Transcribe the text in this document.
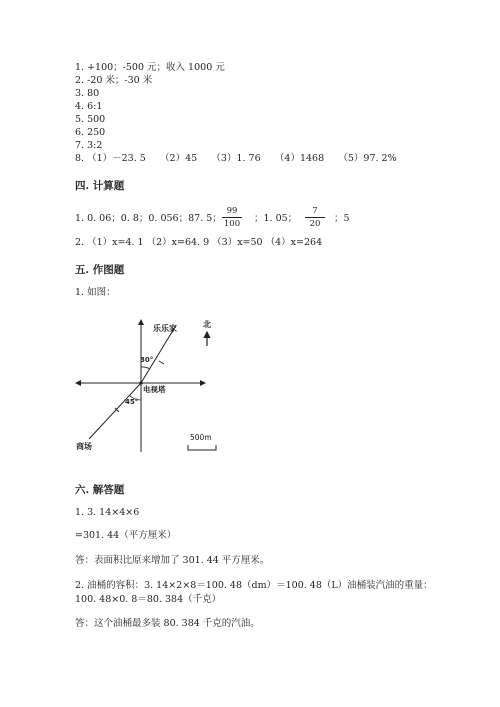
1. +100；-500 元；收入 1000 元
2. -20 米；-30 米
3. 80
4. 6:1
5. 500
6. 250
7. 3:2
8. （1）－23. 5　　（2）45　　（3）1. 76　　（4）1468　　（5）97. 2%
四. 计算题
1. 0. 06；0. 8；0. 056；87. 5；
99
100	；1. 05；
7
20	；5
2. （1）x=4. 1 （2）x=64. 9 （3）x=50 （4）x=264
五. 作图题
1. 如图：
乐乐家
30°
电视塔
45°
商场
北
500m
六. 解答题
1. 3. 14×4×6
=301. 44（平方厘米）
答：表面积比原来增加了 301. 44 平方厘米。
2. 油桶的容积：3. 14×2×8＝100. 48（dm）＝100. 48（L）油桶装汽油的重量：
100. 48×0. 8＝80. 384（千克）
答：这个油桶最多装 80. 384 千克的汽油。
